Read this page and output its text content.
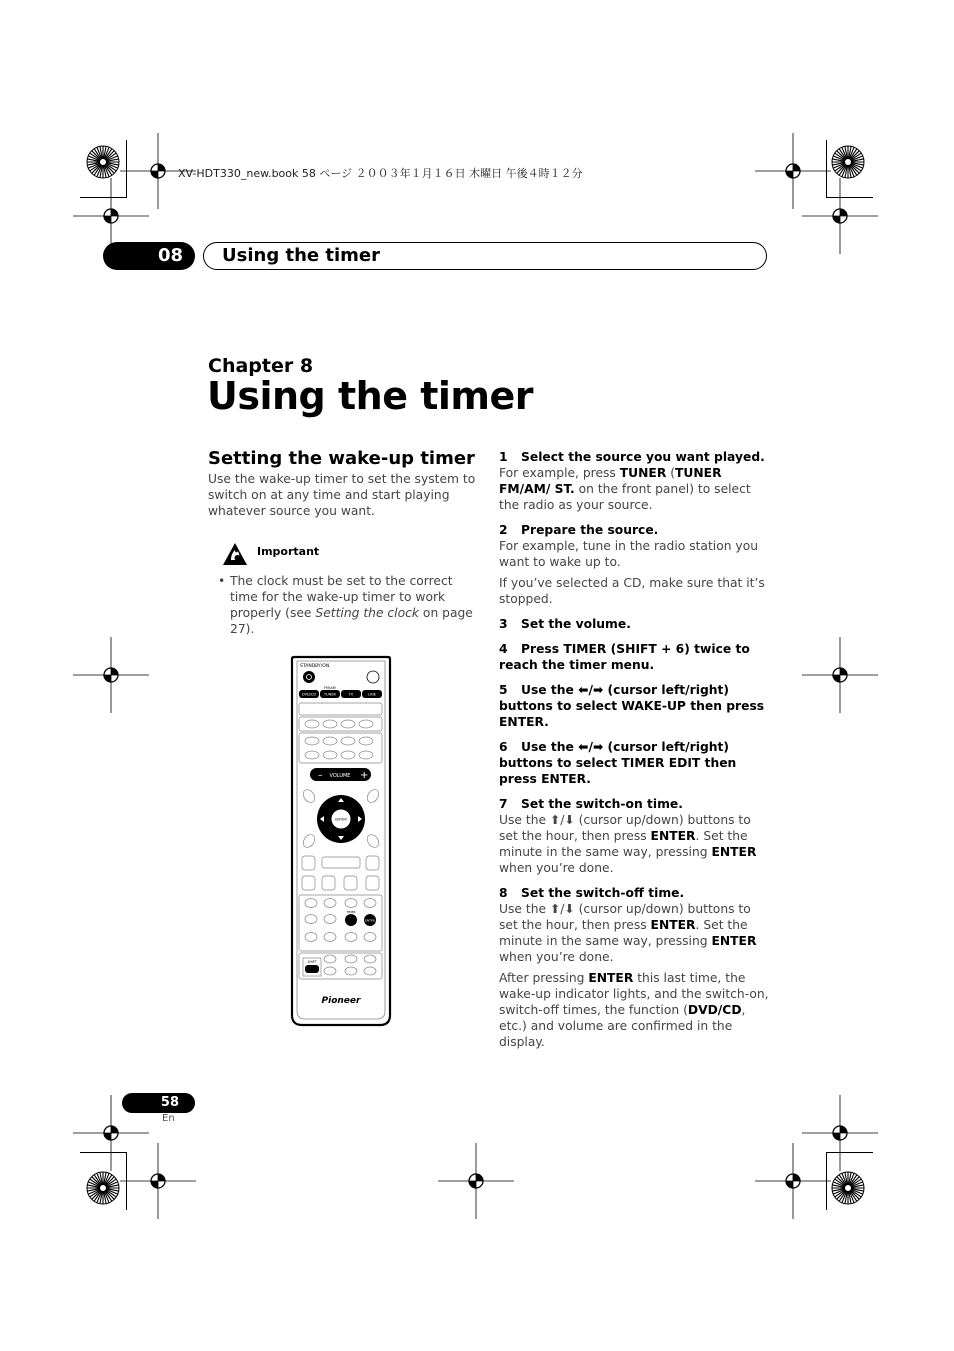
XV-HDT330_new.book 58 ページ ２００３年１月１６日 木曜日 午後４時１２分
08	Using the timer
Chapter 8
Using the timer
Setting the wake-up timer
Use the wake-up timer to set the system to switch on at any time and start playing whatever source you want.
Important
• The clock must be set to the correct time for the wake-up timer to work properly (see Setting the clock on page 27).
STANDBY/ON
FM/AM
DVD/CD TUNER	TV	LINE
–	+
VOLUME
ENTER
TIMER
ENTER
SHIFT
Pioneer
1 Select the source you want played.

For example, press TUNER (TUNER FM/AM/ ST. on the front panel) to select the radio as your source.

2 Prepare the source.

For example, tune in the radio station you want to wake up to.

If you’ve selected a CD, make sure that it’s stopped.

3 Set the volume.
4 Press TIMER (SHIFT + 6) twice to reach the timer menu.
5 Use the ⬅/➡ (cursor left/right) buttons to select WAKE-UP then press ENTER.
6 Use the ⬅/➡ (cursor left/right) buttons to select TIMER EDIT then press ENTER.
7 Set the switch-on time.

Use the ⬆/⬇ (cursor up/down) buttons to set the hour, then press ENTER. Set the minute in the same way, pressing ENTER when you’re done.

8 Set the switch-off time.

Use the ⬆/⬇ (cursor up/down) buttons to set the hour, then press ENTER. Set the minute in the same way, pressing ENTER when you’re done.

After pressing ENTER this last time, the wake-up indicator lights, and the switch-on, switch-off times, the function (DVD/CD, etc.) and volume are confirmed in the display.

58
En
